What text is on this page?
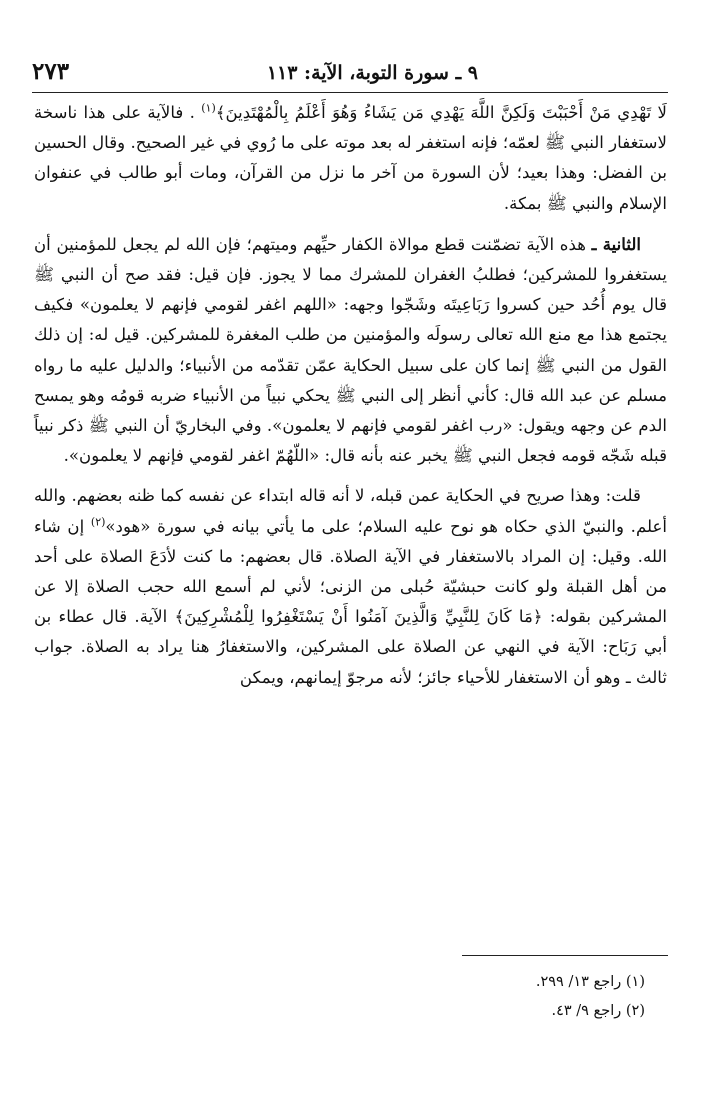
٩ ـ سورة التوبة، الآية: ١١٣
٢٧٣

لَا تَهْدِي مَنْ أَحْبَبْتَ وَلَكِنَّ اللَّهَ يَهْدِي مَن يَشَاءُ وَهُوَ أَعْلَمُ بِالْمُهْتَدِينَ﴾$^{(١)}$ . فالآية على هذا ناسخة لاستغفار النبي ﷺ لعمّه؛ فإنه استغفر له بعد موته على ما رُوي في غير الصحيح. وقال الحسين بن الفضل: وهذا بعيد؛ لأن السورة من آخر ما نزل من القرآن، ومات أبو طالب في عنفوان الإسلام والنبي ﷺ بمكة.

الثانية ـ هذه الآية تضمّنت قطع موالاة الكفار حيِّهم وميتهم؛ فإن الله لم يجعل للمؤمنين أن يستغفروا للمشركين؛ فطلبُ الغفران للمشرك مما لا يجوز. فإن قيل: فقد صح أن النبي ﷺ قال يوم أُحُد حين كسروا رَبَاعِيتَه وشَجّوا وجهه: «اللهم اغفر لقومي فإنهم لا يعلمون» فكيف يجتمع هذا مع منع الله تعالى رسولَه والمؤمنين من طلب المغفرة للمشركين. قيل له: إن ذلك القول من النبي ﷺ إنما كان على سبيل الحكاية عمّن تقدّمه من الأنبياء؛ والدليل عليه ما رواه مسلم عن عبد الله قال: كأني أنظر إلى النبي ﷺ يحكي نبياً من الأنبياء ضربه قومُه وهو يمسح الدم عن وجهه ويقول: «رب اغفر لقومي فإنهم لا يعلمون». وفي البخاريّ أن النبي ﷺ ذكر نبياً قبله شَجّه قومه فجعل النبي ﷺ يخبر عنه بأنه قال: «اللّهُمّ اغفر لقومي فإنهم لا يعلمون».

قلت: وهذا صريح في الحكاية عمن قبله، لا أنه قاله ابتداء عن نفسه كما ظنه بعضهم. والله أعلم. والنبيّ الذي حكاه هو نوح عليه السلام؛ على ما يأتي بيانه في سورة «هود»$^{(٢)}$ إن شاء الله. وقيل: إن المراد بالاستغفار في الآية الصلاة. قال بعضهم: ما كنت لأدَعَ الصلاة على أحد من أهل القبلة ولو كانت حبشيّة حُبلى من الزنى؛ لأني لم أسمع الله حجب الصلاة إلا عن المشركين بقوله: ﴿مَا كَانَ لِلنَّبِيِّ وَالَّذِينَ آمَنُوا أَنْ يَسْتَغْفِرُوا لِلْمُشْرِكِينَ﴾ الآية. قال عطاء بن أبي رَبَاح: الآية في النهي عن الصلاة على المشركين، والاستغفارُ هنا يراد به الصلاة. جواب ثالث ـ وهو أن الاستغفار للأحياء جائز؛ لأنه مرجوّ إيمانهم، ويمكن

(١) راجع ١٣/ ٢٩٩.
(٢) راجع ٩/ ٤٣.
